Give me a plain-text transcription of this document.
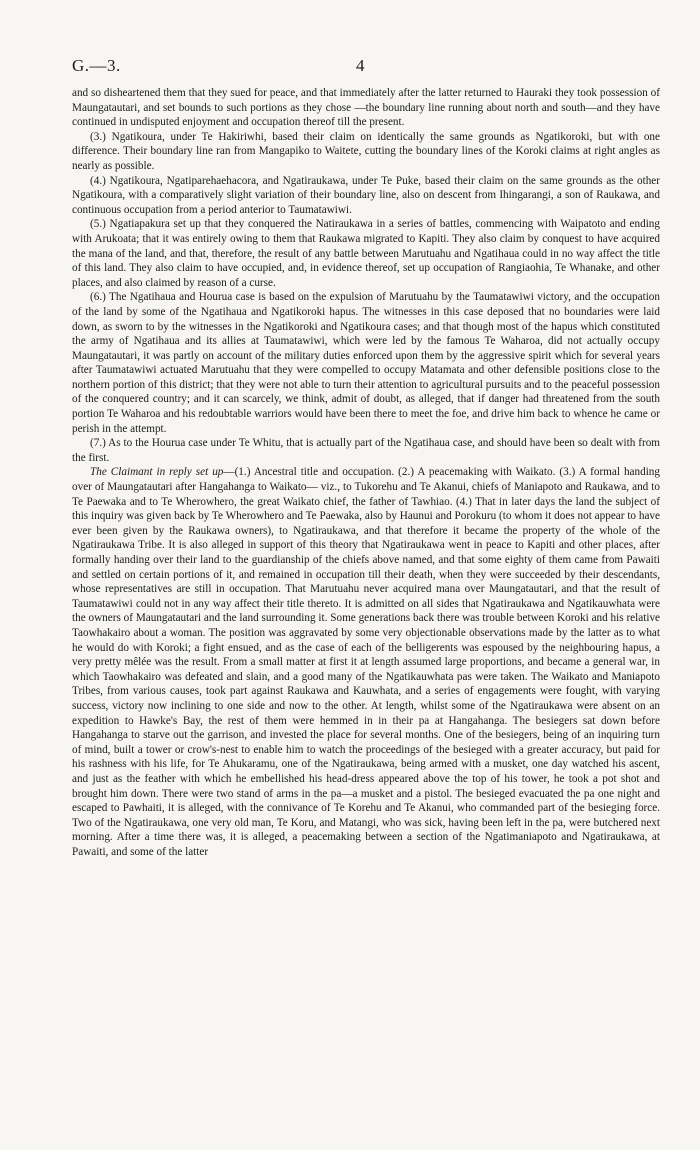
G.—3.	4

and so disheartened them that they sued for peace, and that immediately after the latter returned to Hauraki they took possession of Maungatautari, and set bounds to such portions as they chose —the boundary line running about north and south—and they have continued in undisputed enjoyment and occupation thereof till the present.

(3.) Ngatikoura, under Te Hakiriwhi, based their claim on identically the same grounds as Ngatikoroki, but with one difference. Their boundary line ran from Mangapiko to Waitete, cutting the boundary lines of the Koroki claims at right angles as nearly as possible.

(4.) Ngatikoura, Ngatiparehaehacora, and Ngatiraukawa, under Te Puke, based their claim on the same grounds as the other Ngatikoura, with a comparatively slight variation of their boundary line, also on descent from Ihingarangi, a son of Raukawa, and continuous occupation from a period anterior to Taumatawiwi.

(5.) Ngatiapakura set up that they conquered the Natiraukawa in a series of battles, commencing with Waipatoto and ending with Arukoata; that it was entirely owing to them that Raukawa migrated to Kapiti. They also claim by conquest to have acquired the mana of the land, and that, therefore, the result of any battle between Marutuahu and Ngatihaua could in no way affect the title of this land. They also claim to have occupied, and, in evidence thereof, set up occupation of Rangiaohia, Te Whanake, and other places, and also claimed by reason of a curse.

(6.) The Ngatihaua and Hourua case is based on the expulsion of Marutuahu by the Taumatawiwi victory, and the occupation of the land by some of the Ngatihaua and Ngatikoroki hapus. The witnesses in this case deposed that no boundaries were laid down, as sworn to by the witnesses in the Ngatikoroki and Ngatikoura cases; and that though most of the hapus which constituted the army of Ngatihaua and its allies at Taumatawiwi, which were led by the famous Te Waharoa, did not actually occupy Maungatautari, it was partly on account of the military duties enforced upon them by the aggressive spirit which for several years after Taumatawiwi actuated Marutuahu that they were compelled to occupy Matamata and other defensible positions close to the northern portion of this district; that they were not able to turn their attention to agricultural pursuits and to the peaceful possession of the conquered country; and it can scarcely, we think, admit of doubt, as alleged, that if danger had threatened from the south portion Te Waharoa and his redoubtable warriors would have been there to meet the foe, and drive him back to whence he came or perish in the attempt.

(7.) As to the Hourua case under Te Whitu, that is actually part of the Ngatihaua case, and should have been so dealt with from the first.

The Claimant in reply set up—(1.) Ancestral title and occupation. (2.) A peacemaking with Waikato. (3.) A formal handing over of Maungatautari after Hangahanga to Waikato— viz., to Tukorehu and Te Akanui, chiefs of Maniapoto and Raukawa, and to Te Paewaka and to Te Wherowhero, the great Waikato chief, the father of Tawhiao. (4.) That in later days the land the subject of this inquiry was given back by Te Wherowhero and Te Paewaka, also by Haunui and Porokuru (to whom it does not appear to have ever been given by the Raukawa owners), to Ngatiraukawa, and that therefore it became the property of the whole of the Ngatiraukawa Tribe. It is also alleged in support of this theory that Ngatiraukawa went in peace to Kapiti and other places, after formally handing over their land to the guardianship of the chiefs above named, and that some eighty of them came from Pawaiti and settled on certain portions of it, and remained in occupation till their death, when they were succeeded by their descendants, whose representatives are still in occupation. That Marutuahu never acquired mana over Maungatautari, and that the result of Taumatawiwi could not in any way affect their title thereto. It is admitted on all sides that Ngatiraukawa and Ngatikauwhata were the owners of Maungatautari and the land surrounding it. Some generations back there was trouble between Koroki and his relative Taowhakairo about a woman. The position was aggravated by some very objectionable observations made by the latter as to what he would do with Koroki; a fight ensued, and as the case of each of the belligerents was espoused by the neighbouring hapus, a very pretty mêlée was the result. From a small matter at first it at length assumed large proportions, and became a general war, in which Taowhakairo was defeated and slain, and a good many of the Ngatikauwhata pas were taken. The Waikato and Maniapoto Tribes, from various causes, took part against Raukawa and Kauwhata, and a series of engagements were fought, with varying success, victory now inclining to one side and now to the other. At length, whilst some of the Ngatiraukawa were absent on an expedition to Hawke's Bay, the rest of them were hemmed in in their pa at Hangahanga. The besiegers sat down before Hangahanga to starve out the garrison, and invested the place for several months. One of the besiegers, being of an inquiring turn of mind, built a tower or crow's-nest to enable him to watch the proceedings of the besieged with a greater accuracy, but paid for his rashness with his life, for Te Ahukaramu, one of the Ngatiraukawa, being armed with a musket, one day watched his ascent, and just as the feather with which he embellished his head-dress appeared above the top of his tower, he took a pot shot and brought him down. There were two stand of arms in the pa—a musket and a pistol. The besieged evacuated the pa one night and escaped to Pawhaiti, it is alleged, with the connivance of Te Korehu and Te Akanui, who commanded part of the besieging force. Two of the Ngatiraukawa, one very old man, Te Koru, and Matangi, who was sick, having been left in the pa, were butchered next morning. After a time there was, it is alleged, a peacemaking between a section of the Ngatimaniapoto and Ngatiraukawa, at Pawaiti, and some of the latter
